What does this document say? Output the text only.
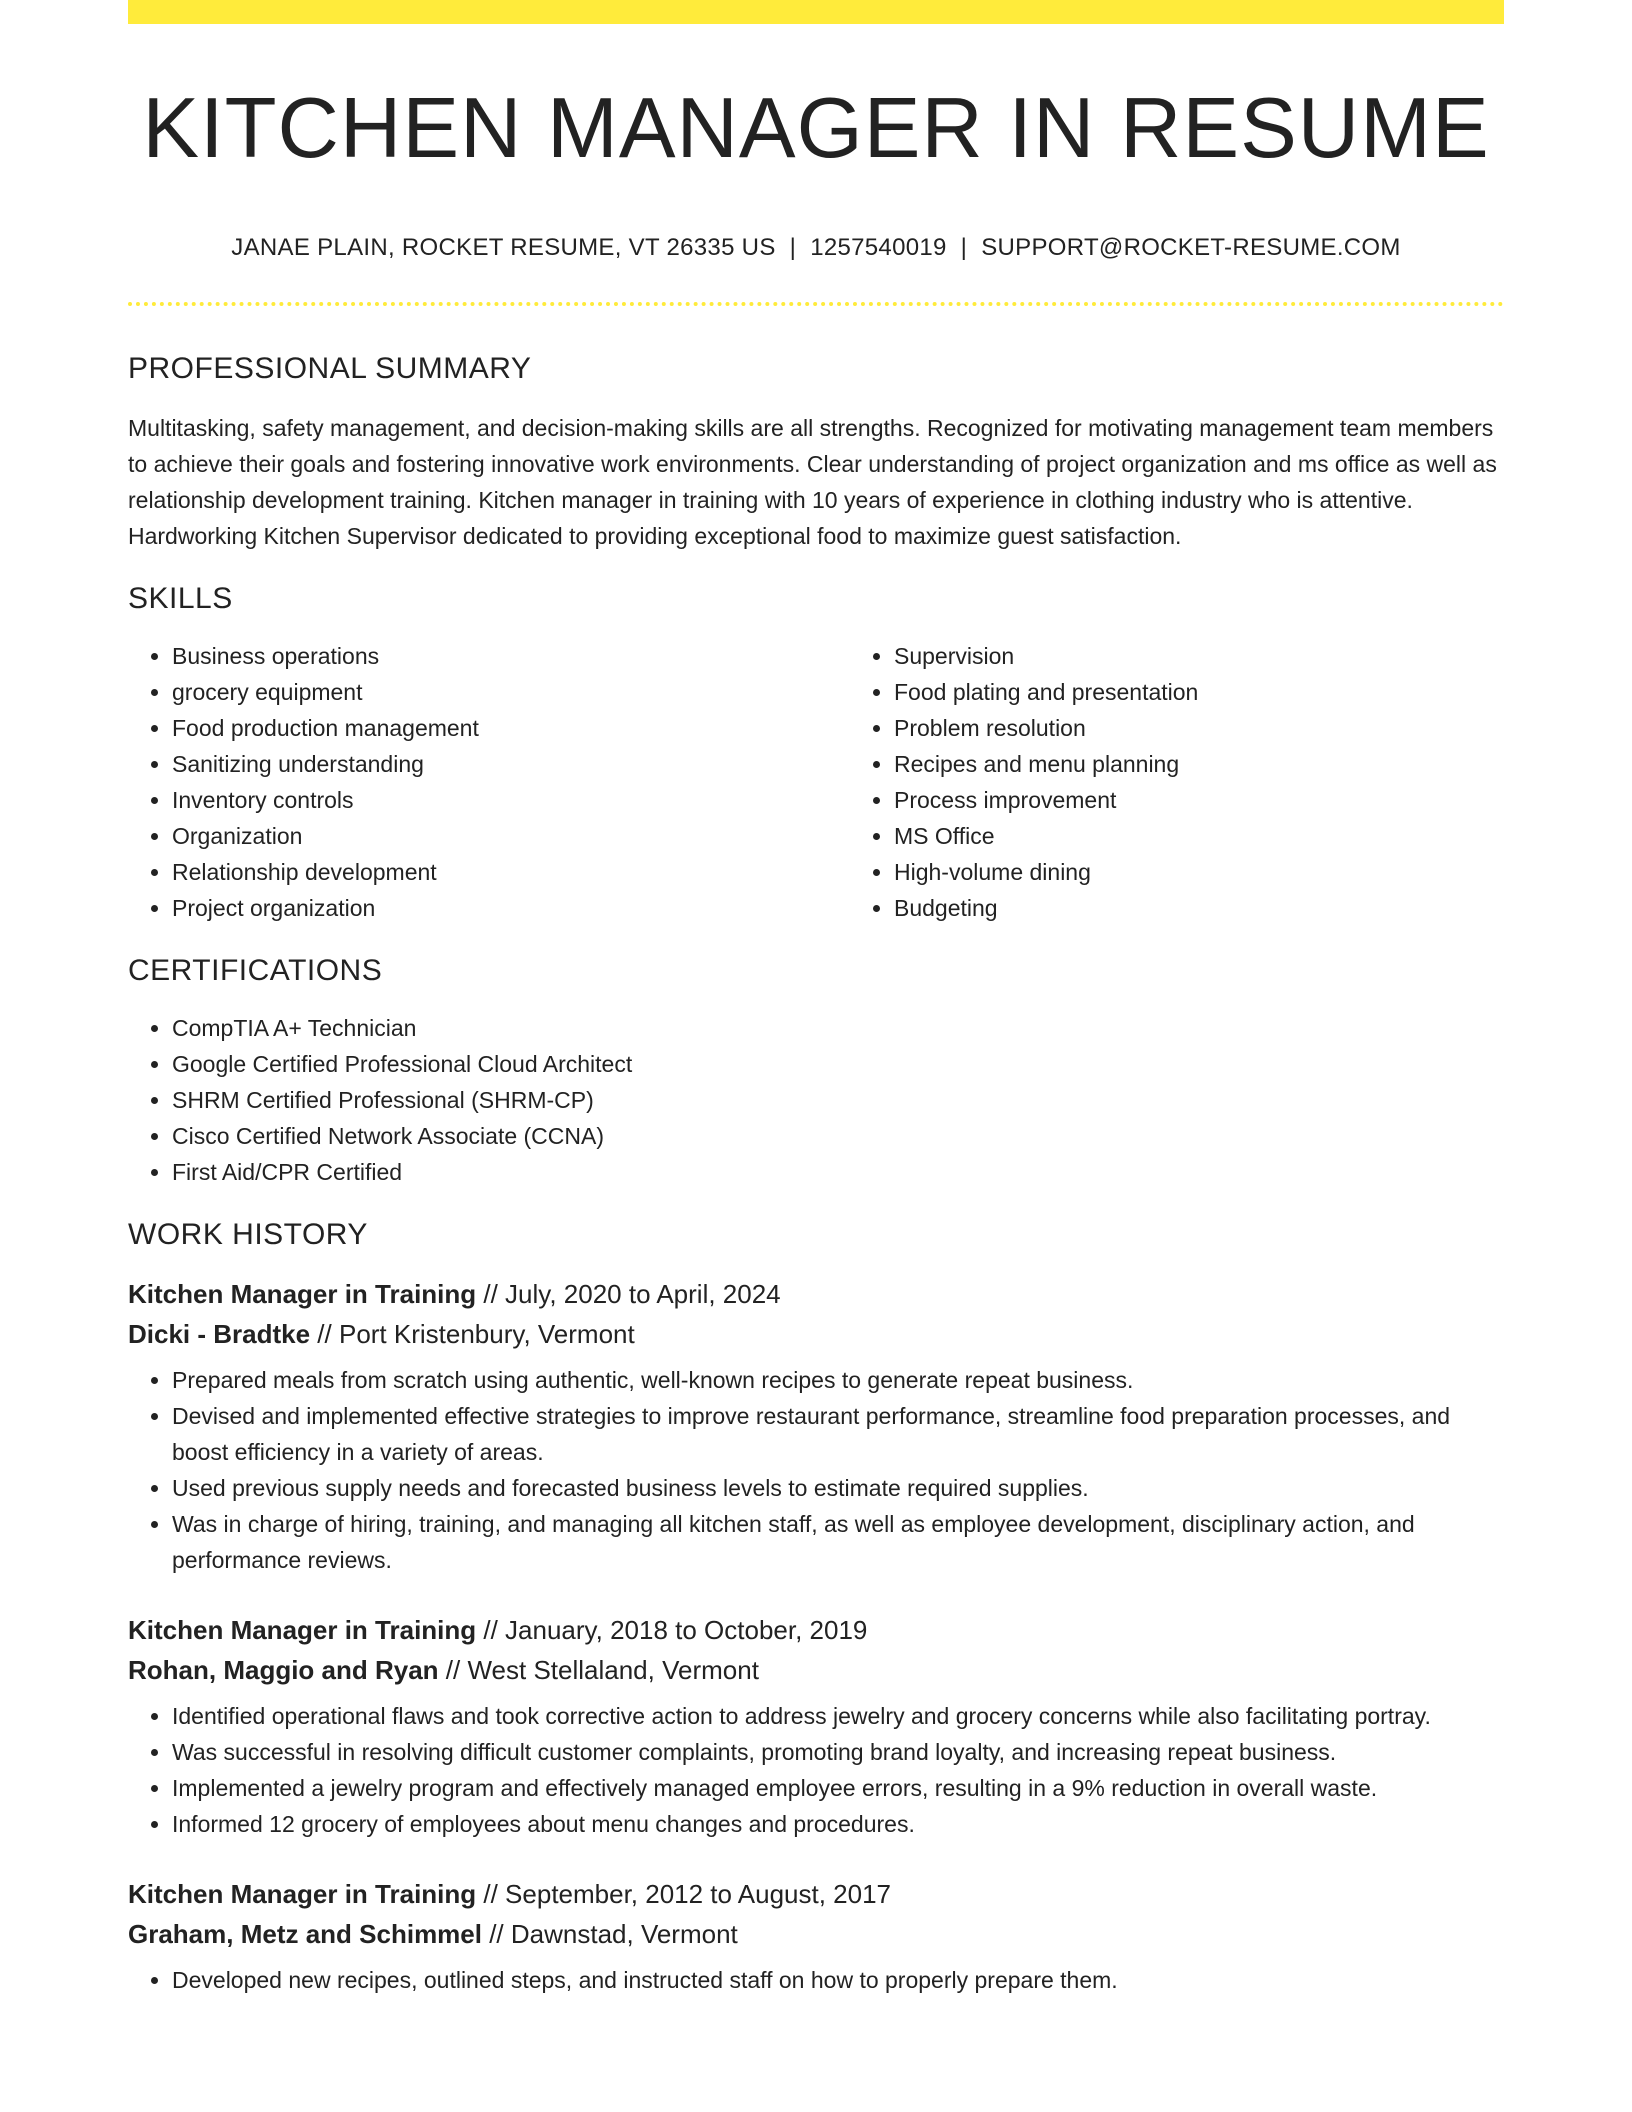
KITCHEN MANAGER IN RESUME
JANAE PLAIN, ROCKET RESUME, VT 26335 US | 1257540019 | SUPPORT@ROCKET-RESUME.COM
PROFESSIONAL SUMMARY

Multitasking, safety management, and decision-making skills are all strengths. Recognized for motivating management team members to achieve their goals and fostering innovative work environments. Clear understanding of project organization and ms office as well as relationship development training. Kitchen manager in training with 10 years of experience in clothing industry who is attentive. Hardworking Kitchen Supervisor dedicated to providing exceptional food to maximize guest satisfaction.

SKILLS
• Business operations
• grocery equipment
• Food production management
• Sanitizing understanding
• Inventory controls
• Organization
• Relationship development
• Project organization
• Supervision
• Food plating and presentation
• Problem resolution
• Recipes and menu planning
• Process improvement
• MS Office
• High-volume dining
• Budgeting
CERTIFICATIONS
• CompTIA A+ Technician
• Google Certified Professional Cloud Architect
• SHRM Certified Professional (SHRM-CP)
• Cisco Certified Network Associate (CCNA)
• First Aid/CPR Certified
WORK HISTORY
Kitchen Manager in Training // July, 2020 to April, 2024
Dicki - Bradtke // Port Kristenbury, Vermont
• Prepared meals from scratch using authentic, well-known recipes to generate repeat business.
• Devised and implemented effective strategies to improve restaurant performance, streamline food preparation processes, and boost efficiency in a variety of areas.
• Used previous supply needs and forecasted business levels to estimate required supplies.
• Was in charge of hiring, training, and managing all kitchen staff, as well as employee development, disciplinary action, and performance reviews.
Kitchen Manager in Training // January, 2018 to October, 2019
Rohan, Maggio and Ryan // West Stellaland, Vermont
• Identified operational flaws and took corrective action to address jewelry and grocery concerns while also facilitating portray.
• Was successful in resolving difficult customer complaints, promoting brand loyalty, and increasing repeat business.
• Implemented a jewelry program and effectively managed employee errors, resulting in a 9% reduction in overall waste.
• Informed 12 grocery of employees about menu changes and procedures.
Kitchen Manager in Training // September, 2012 to August, 2017
Graham, Metz and Schimmel // Dawnstad, Vermont
• Developed new recipes, outlined steps, and instructed staff on how to properly prepare them.
